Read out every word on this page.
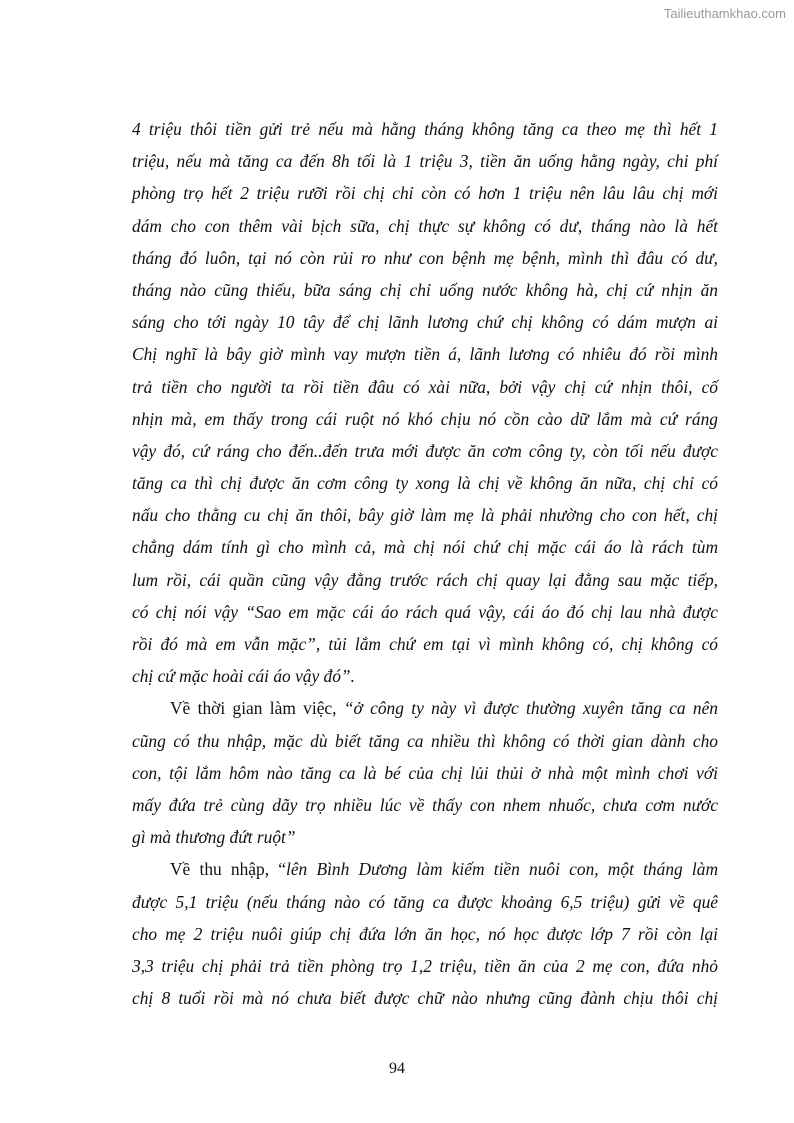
Tailieuthamkhao.com
4 triệu thôi tiền gửi trẻ nếu mà hằng tháng không tăng ca theo mẹ thì hết 1
triệu, nếu mà tăng ca đến 8h tối là 1 triệu 3, tiền ăn uống hằng ngày, chi phí
phòng trọ hết 2 triệu rưỡi rồi chị chỉ còn có hơn 1 triệu nên lâu lâu chị mới
dám cho con thêm vài bịch sữa, chị thực sự không có dư, tháng nào là hết
tháng đó luôn, tại nó còn rủi ro như con bệnh mẹ bệnh, mình thì đâu có dư,
tháng nào cũng thiếu, bữa sáng chị chỉ uống nước không hà, chị cứ nhịn ăn
sáng cho tới ngày 10 tây để chị lãnh lương chứ chị không có dám mượn ai
Chị nghĩ là bây giờ mình vay mượn tiền á, lãnh lương có nhiêu đó rồi mình
trả tiền cho người ta rồi tiền đâu có xài nữa, bởi vậy chị cứ nhịn thôi, cố
nhịn mà, em thấy trong cái ruột nó khó chịu nó cồn cào dữ lắm mà cứ ráng
vậy đó, cứ ráng cho đến..đến trưa mới được ăn cơm công ty, còn tối nếu được
tăng ca thì chị được ăn cơm công ty xong là chị về không ăn nữa, chị chỉ có
nấu cho thằng cu chị ăn thôi, bây giờ làm mẹ là phải nhường cho con hết, chị
chẳng dám tính gì cho mình cả, mà chị nói chứ chị mặc cái áo là rách tùm
lum rồi, cái quần cũng vậy đằng trước rách chị quay lại đằng sau mặc tiếp,
có chị nói vậy “Sao em mặc cái áo rách quá vậy, cái áo đó chị lau nhà được
rồi đó mà em vẫn mặc”, tủi lắm chứ em tại vì mình không có, chị không có
chị cứ mặc hoài cái áo vậy đó”.
Về thời gian làm việc, “ở công ty này vì được thường xuyên tăng ca nên
cũng có thu nhập, mặc dù biết tăng ca nhiều thì không có thời gian dành cho
con, tội lắm hôm nào tăng ca là bé của chị lủi thủi ở nhà một mình chơi với
mấy đứa trẻ cùng dãy trọ nhiều lúc về thấy con nhem nhuốc, chưa cơm nước
gì mà thương đứt ruột”
Về thu nhập, “lên Bình Dương làm kiếm tiền nuôi con, một tháng làm
được 5,1 triệu (nếu tháng nào có tăng ca được khoảng 6,5 triệu) gửi về quê
cho mẹ 2 triệu nuôi giúp chị đứa lớn ăn học, nó học được lớp 7 rồi còn lại
3,3 triệu chị phải trả tiền phòng trọ 1,2 triệu, tiền ăn của 2 mẹ con, đứa nhỏ
chị 8 tuổi rồi mà nó chưa biết được chữ nào nhưng cũng đành chịu thôi chị
94
